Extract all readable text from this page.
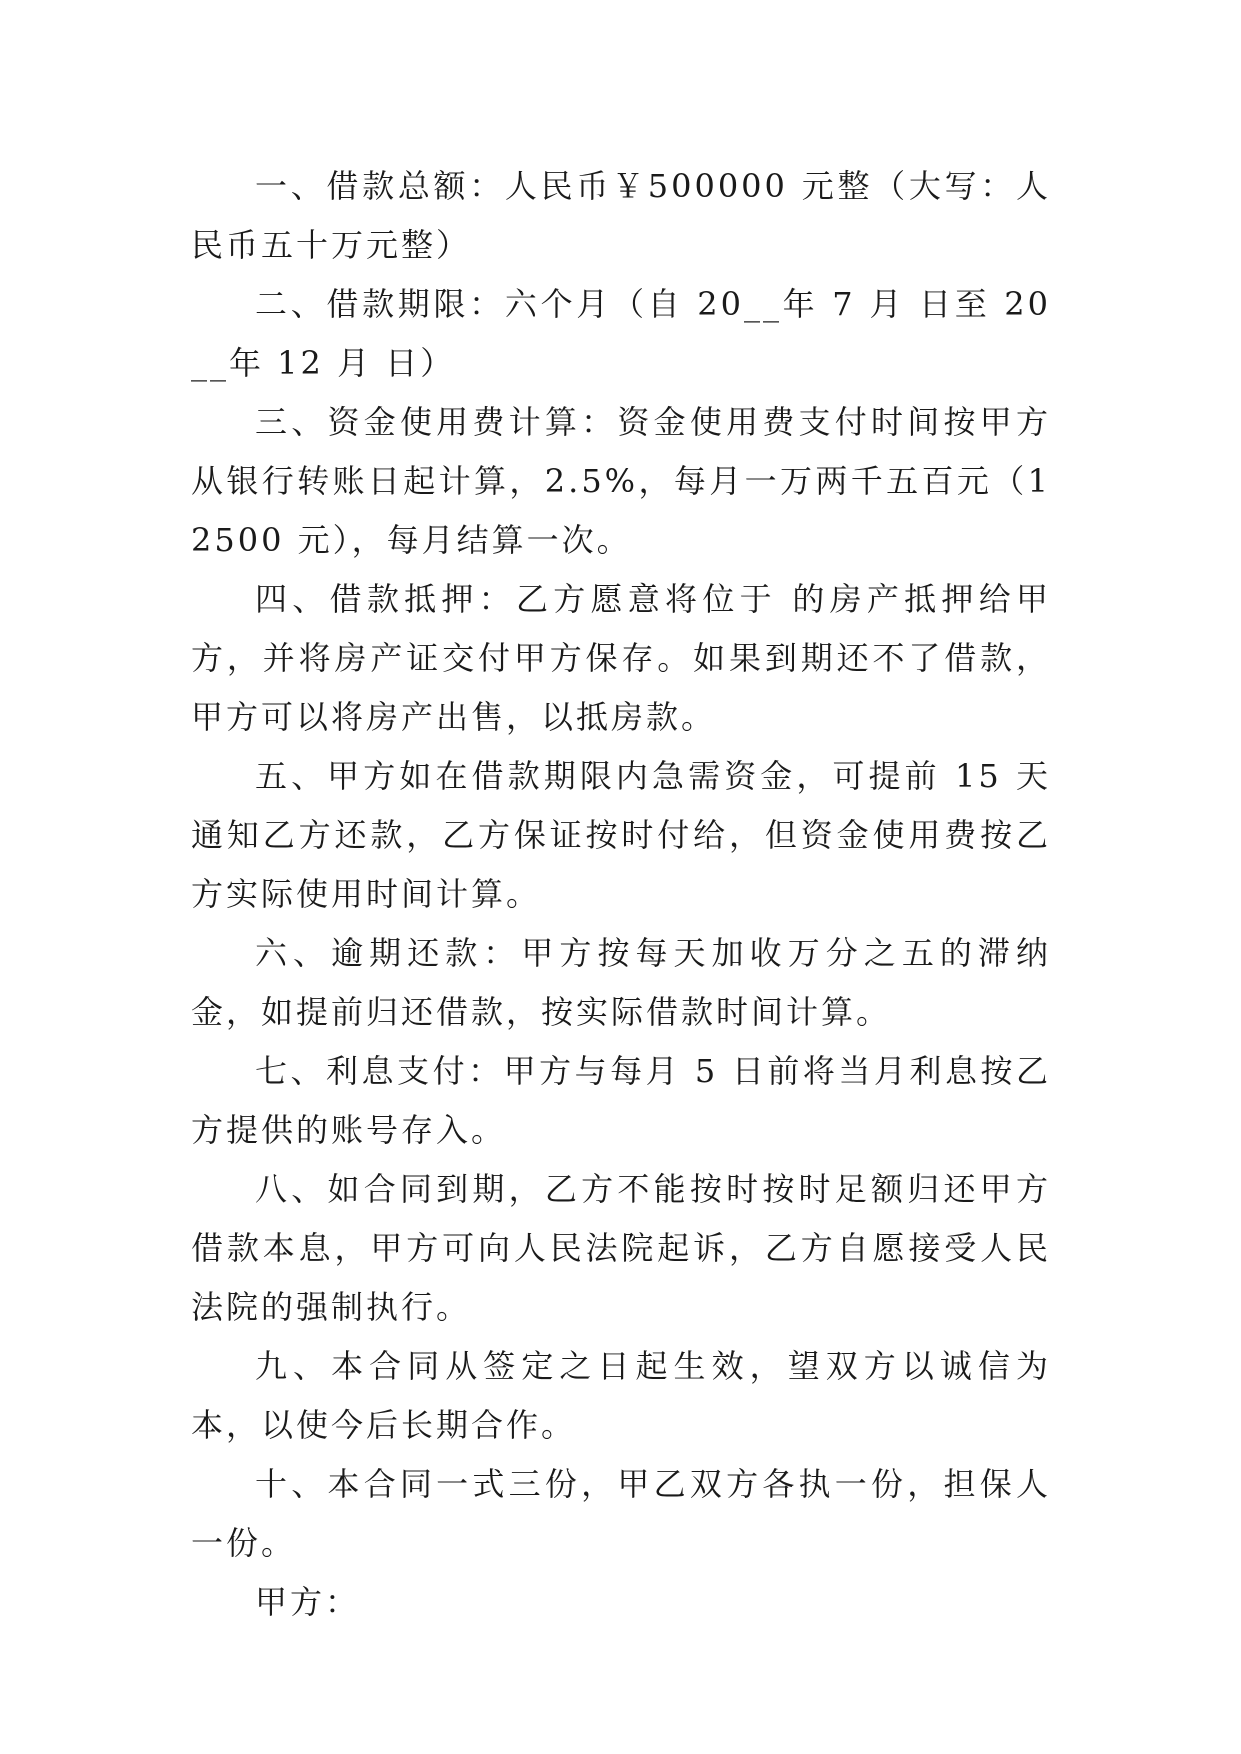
一、借款总额：人民币￥500000 元整（大写：人民币五十万元整）

二、借款期限：六个月（自 20__年 7 月 日至 20__年 12 月 日）

三、资金使用费计算：资金使用费支付时间按甲方从银行转账日起计算，2.5%，每月一万两千五百元（12500 元），每月结算一次。

四、借款抵押：乙方愿意将位于 的房产抵押给甲方，并将房产证交付甲方保存。如果到期还不了借款，甲方可以将房产出售，以抵房款。

五、甲方如在借款期限内急需资金，可提前 15 天通知乙方还款，乙方保证按时付给，但资金使用费按乙方实际使用时间计算。

六、逾期还款：甲方按每天加收万分之五的滞纳金，如提前归还借款，按实际借款时间计算。

七、利息支付：甲方与每月 5 日前将当月利息按乙方提供的账号存入。

八、如合同到期，乙方不能按时按时足额归还甲方借款本息，甲方可向人民法院起诉，乙方自愿接受人民法院的强制执行。

九、本合同从签定之日起生效，望双方以诚信为本，以使今后长期合作。

十、本合同一式三份，甲乙双方各执一份，担保人一份。

甲方：
